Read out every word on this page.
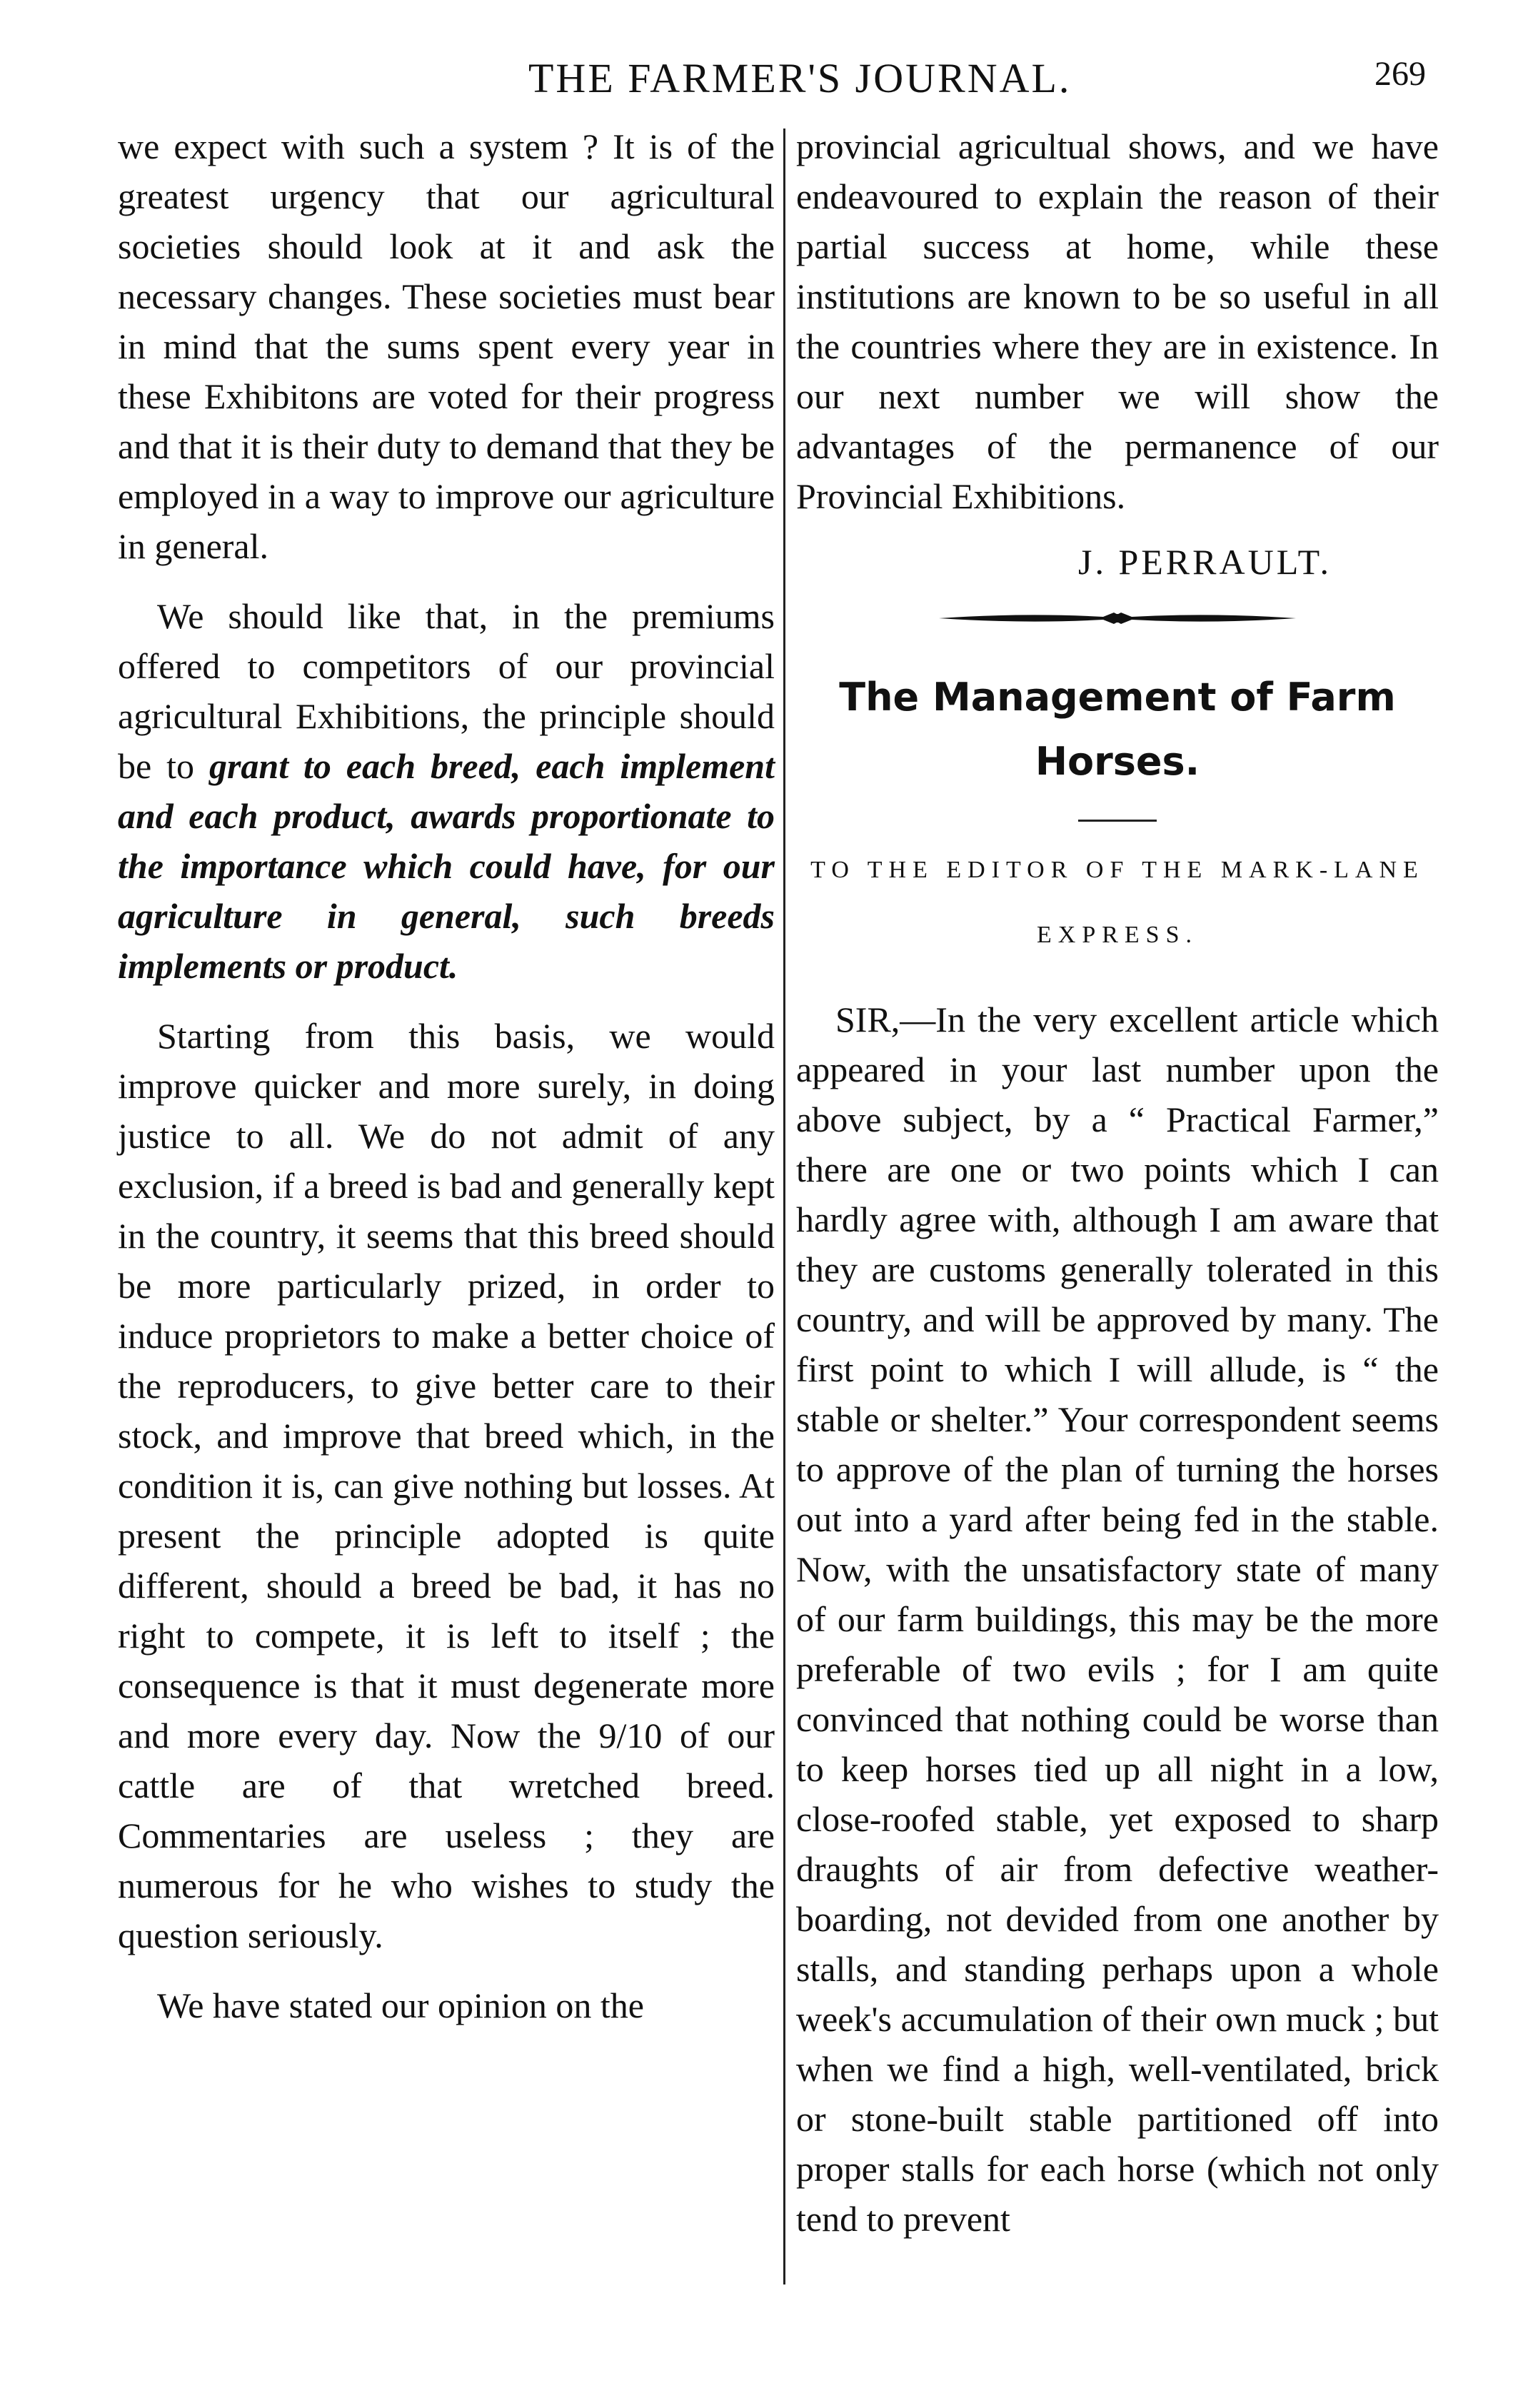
THE FARMER'S JOURNAL.	269

we expect with such a system ? It is of the greatest urgency that our agricultural societies should look at it and ask the necessary changes. These societies must bear in mind that the sums spent every year in these Exhibitons are voted for their progress and that it is their duty to demand that they be employed in a way to improve our agriculture in general.

We should like that, in the premiums offered to competitors of our provincial agricultural Exhibitions, the principle should be to grant to each breed, each implement and each product, awards proportionate to the importance which could have, for our agriculture in general, such breeds implements or product.

Starting from this basis, we would improve quicker and more surely, in doing justice to all. We do not admit of any exclusion, if a breed is bad and generally kept in the country, it seems that this breed should be more particularly prized, in order to induce proprietors to make a better choice of the reproducers, to give better care to their stock, and improve that breed which, in the condition it is, can give nothing but losses. At present the principle adopted is quite different, should a breed be bad, it has no right to compete, it is left to itself ; the consequence is that it must degenerate more and more every day. Now the 9/10 of our cattle are of that wretched breed. Commentaries are useless ; they are numerous for he who wishes to study the question seriously.

We have stated our opinion on the

provincial agricultual shows, and we have endeavoured to explain the reason of their partial success at home, while these institutions are known to be so useful in all the countries where they are in existence. In our next number we will show the advantages of the permanence of our Provincial Exhibitions.

J. PERRAULT.

The Management of Farm Horses.
TO THE EDITOR OF THE MARK-LANE
EXPRESS.

SIR,—In the very excellent article which appeared in your last number upon the above subject, by a “ Practical Farmer,” there are one or two points which I can hardly agree with, although I am aware that they are customs generally tolerated in this country, and will be approved by many. The first point to which I will allude, is “ the stable or shelter.” Your correspondent seems to approve of the plan of turning the horses out into a yard after being fed in the stable. Now, with the unsatisfactory state of many of our farm buildings, this may be the more preferable of two evils ; for I am quite convinced that nothing could be worse than to keep horses tied up all night in a low, close-roofed stable, yet exposed to sharp draughts of air from defective weather-boarding, not devided from one another by stalls, and standing perhaps upon a whole week's accumulation of their own muck ; but when we find a high, well-ventilated, brick or stone-built stable partitioned off into proper stalls for each horse (which not only tend to prevent
